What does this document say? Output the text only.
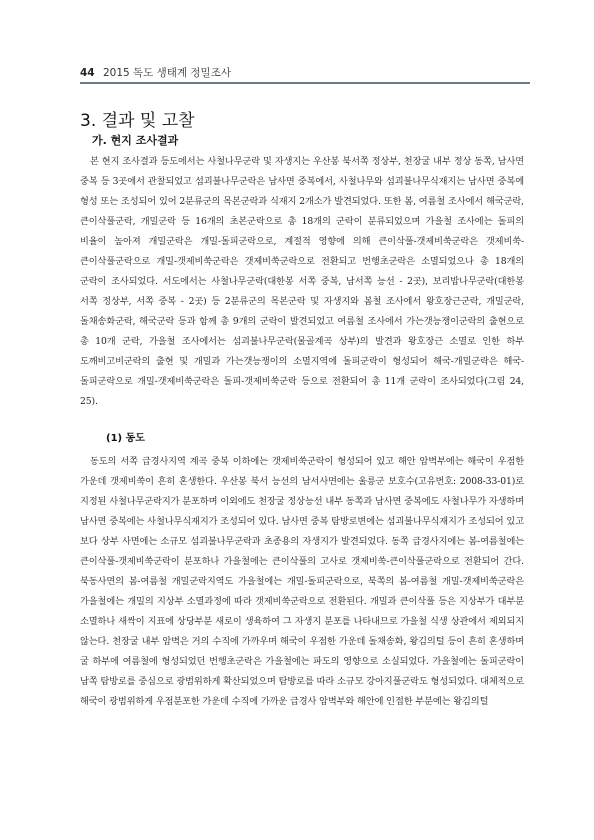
44 2015 독도 생태계 정밀조사
3. 결과 및 고찰
가. 현지 조사결과

본 현지 조사결과 등도에서는 사철나무군락 및 자생지는 우산봉 북서쪽 정상부, 천장굴 내부 정상 동쪽, 남사면 중복 등 3곳에서 관찰되었고 섬괴불나무군락은 남사면 중복에서, 사철나무와 섬괴불나무식재지는 남사면 중복에 형성 또는 조성되어 있어 2분류군의 목본군락과 식재지 2개소가 발견되었다. 또한 봄, 여름철 조사에서 해국군락, 큰이삭풀군락, 개밀군락 등 16개의 초본군락으로 총 18개의 군락이 분류되었으며 가을철 조사에는 돌피의 비율이 높아져 개밀군락은 개밀-돌피군락으로, 계절적 영향에 의해 큰이삭풀-갯제비쑥군락은 갯제비쑥-큰이삭풀군락으로 개밀-갯제비쑥군락은 갯제비쑥군락으로 전환되고 번행초군락은 소멸되었으나 총 18개의 군락이 조사되었다. 서도에서는 사철나무군락(대한봉 서쪽 중복, 남서쪽 능선 - 2곳), 보리밥나무군락(대한봉 서쪽 정상부, 서쪽 중복 - 2곳) 등 2분류군의 목본군락 및 자생지와 봄철 조사에서 왕호장근군락, 개밀군락, 돌채송화군락, 해국군락 등과 함께 총 9개의 군락이 발견되었고 여름철 조사에서 가는갯능쟁이군락의 출현으로 총 10개 군락, 가을철 조사에서는 섬괴불나무군락(물골계곡 상부)의 발견과 왕호장근 소멸로 인한 하부 도깨비고비군락의 출현 및 개밀과 가는갯능쟁이의 소멸지역에 돌피군락이 형성되어 해국-개밀군락은 해국-돌피군락으로 개밀-갯제비쑥군락은 돌피-갯제비쑥군락 등으로 전환되어 총 11개 군락이 조사되었다(그림 24, 25).

(1) 동도

동도의 서쪽 급경사지역 계곡 중복 이하에는 갯제비쑥군락이 형성되어 있고 해안 암벽부에는 해국이 우점한 가운데 갯제비쑥이 흔히 혼생한다. 우산봉 북서 능선의 남서사면에는 울릉군 보호수(고유번호: 2008-33-01)로 지정된 사철나무군락지가 분포하며 이외에도 천장굴 정상능선 내부 동쪽과 남사면 중복에도 사철나무가 자생하며 남사면 중복에는 사철나무식재지가 조성되어 있다. 남사면 중복 탐방로변에는 섬괴불나무식재지가 조성되어 있고 보다 상부 사면에는 소규모 섬괴불나무군락과 초종용의 자생지가 발견되었다. 동쪽 급경사지에는 봄-여름철에는 큰이삭풀-갯제비쑥군락이 분포하나 가을철에는 큰이삭풀의 고사로 갯제비쑥-큰이삭풀군락으로 전환되어 간다. 북동사면의 봄-여름철 개밀군락지역도 가을철에는 개밀-돌피군락으로, 북쪽의 봄-여름철 개밀-갯제비쑥군락은 가을철에는 개밀의 지상부 소멸과정에 따라 갯제비쑥군락으로 전환된다. 개밀과 큰이삭풀 등은 지상부가 대부분 소멸하나 새싹이 지표에 상당부분 새로이 생육하여 그 자생지 분포를 나타내므로 가을철 식생 상관에서 제외되지 않는다. 천장굴 내부 암벽은 거의 수직에 가까우며 해국이 우점한 가운데 돌채송화, 왕김의털 등이 흔히 혼생하며 굴 하부에 여름철에 형성되었던 번행초군락은 가을철에는 파도의 영향으로 소실되었다. 가을철에는 돌피군락이 남쪽 탐방로를 중심으로 광범위하게 확산되었으며 탐방로를 따라 소규모 강아지풀군락도 형성되었다. 대체적으로 해국이 광범위하게 우점분포한 가운데 수직에 가까운 급경사 암벽부와 해안에 인접한 부분에는 왕김의털
